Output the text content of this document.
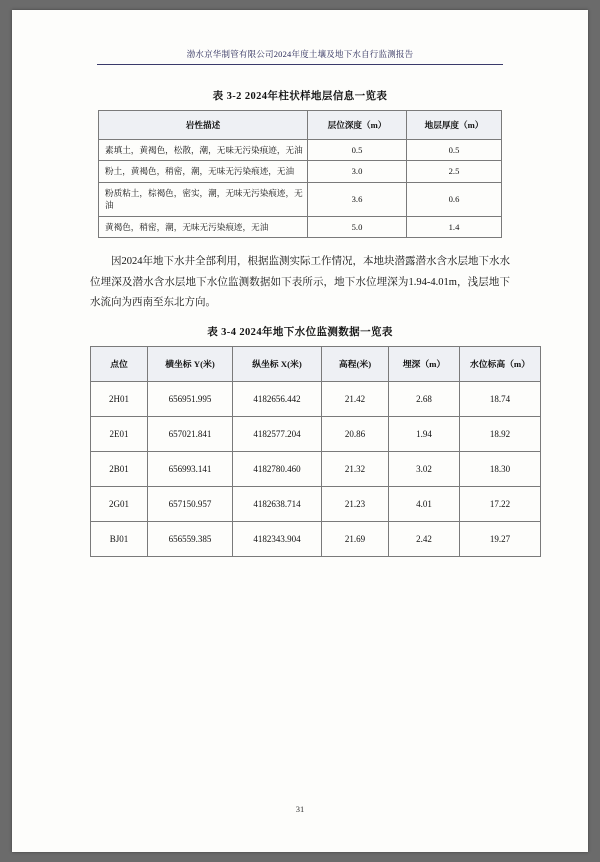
渤水京华制管有限公司2024年度土壤及地下水自行监测报告
表 3-2 2024年柱状样地层信息一览表
岩性描述	层位深度（m）	地层厚度（m）
素填土，黄褐色，松散，潮，无味无污染痕迹，无油	0.5	0.5
粉土，黄褐色，稍密，潮，无味无污染痕迹，无油	3.0	2.5
粉质粘土，棕褐色，密实，潮，无味无污染痕迹，无油	3.6	0.6
黄褐色，稍密，潮，无味无污染痕迹，无油	5.0	1.4

因2024年地下水井全部利用，根据监测实际工作情况，本地块潜露潜水含水层地下水水位埋深及潜水含水层地下水位监测数据如下表所示，地下水位埋深为1.94-4.01m，浅层地下水流向为西南至东北方向。

表 3-4 2024年地下水位监测数据一览表
点位	横坐标 Y(米)	纵坐标 X(米)	高程(米)	埋深（m）	水位标高（m）
2H01	656951.995	4182656.442	21.42	2.68	18.74
2E01	657021.841	4182577.204	20.86	1.94	18.92
2B01	656993.141	4182780.460	21.32	3.02	18.30
2G01	657150.957	4182638.714	21.23	4.01	17.22
BJ01	656559.385	4182343.904	21.69	2.42	19.27
31
